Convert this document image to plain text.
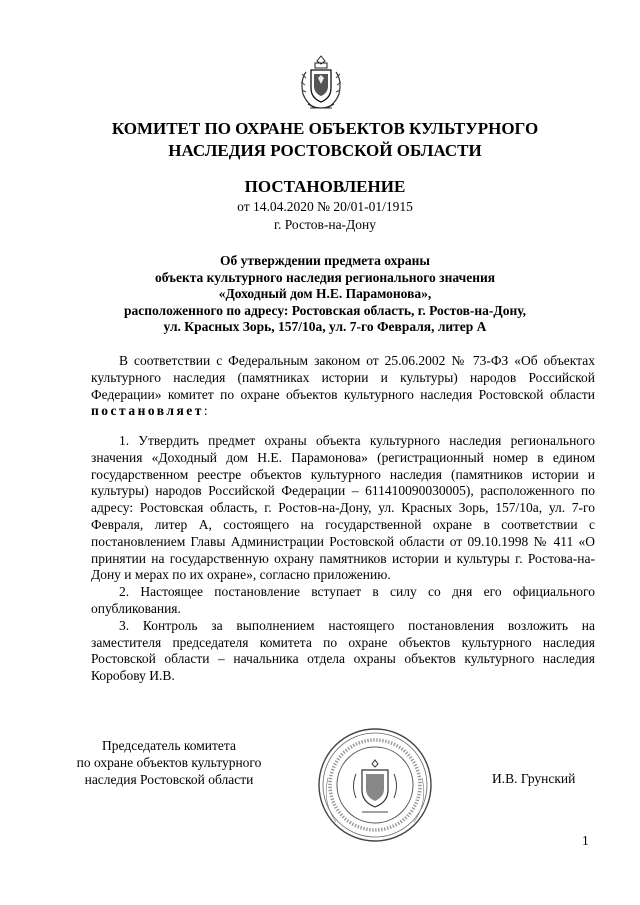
КОМИТЕТ ПО ОХРАНЕ ОБЪЕКТОВ КУЛЬТУРНОГО
НАСЛЕДИЯ РОСТОВСКОЙ ОБЛАСТИ
ПОСТАНОВЛЕНИЕ
от 14.04.2020 № 20/01-01/1915
г. Ростов-на-Дону
Об утверждении предмета охраны
объекта культурного наследия регионального значения
«Доходный дом Н.Е. Парамонова»,
расположенного по адресу: Ростовская область, г. Ростов-на-Дону,
ул. Красных Зорь, 157/10а, ул. 7-го Февраля, литер А
В соответствии с Федеральным законом от 25.06.2002 № 73-ФЗ «Об объектах культурного наследия (памятниках истории и культуры) народов Российской Федерации» комитет по охране объектов культурного наследия Ростовской области постановляет:

1. Утвердить предмет охраны объекта культурного наследия регионального значения «Доходный дом Н.Е. Парамонова» (регистрационный номер в едином государственном реестре объектов культурного наследия (памятников истории и культуры) народов Российской Федерации – 611410090030005), расположенного по адресу: Ростовская область, г. Ростов-на-Дону, ул. Красных Зорь, 157/10а, ул. 7-го Февраля, литер А, состоящего на государственной охране в соответствии с постановлением Главы Администрации Ростовской области от 09.10.1998 № 411 «О принятии на государственную охрану памятников истории и культуры г. Ростова-на-Дону и мерах по их охране», согласно приложению.

2. Настоящее постановление вступает в силу со дня его официального опубликования.

3. Контроль за выполнением настоящего постановления возложить на заместителя председателя комитета по охране объектов культурного наследия Ростовской области – начальника отдела охраны объектов культурного наследия Коробову И.В.

Председатель комитета
по охране объектов культурного
наследия Ростовской области	И.В. Грунский
1
